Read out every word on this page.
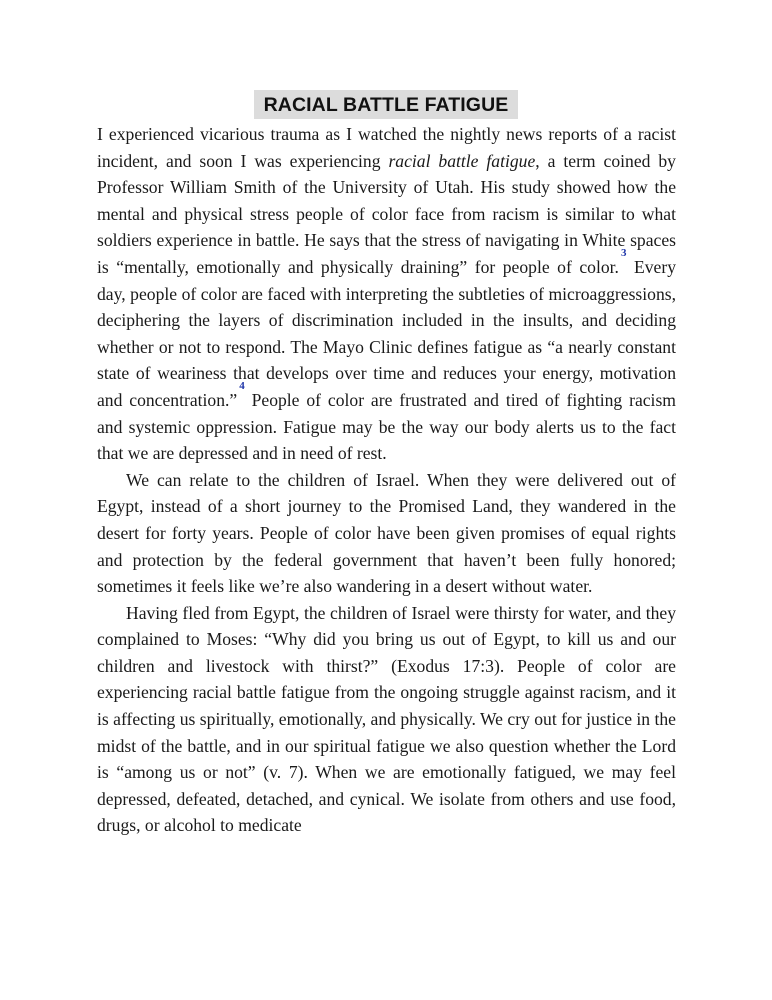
RACIAL BATTLE FATIGUE

I experienced vicarious trauma as I watched the nightly news reports of a racist incident, and soon I was experiencing racial battle fatigue, a term coined by Professor William Smith of the University of Utah. His study showed how the mental and physical stress people of color face from racism is similar to what soldiers experience in battle. He says that the stress of navigating in White spaces is “mentally, emotionally and physically draining” for people of color.$^3$ Every day, people of color are faced with interpreting the subtleties of microaggressions, deciphering the layers of discrimination included in the insults, and deciding whether or not to respond. The Mayo Clinic defines fatigue as “a nearly constant state of weariness that develops over time and reduces your energy, motivation and concentration.”$^4$ People of color are frustrated and tired of fighting racism and systemic oppression. Fatigue may be the way our body alerts us to the fact that we are depressed and in need of rest.

We can relate to the children of Israel. When they were delivered out of Egypt, instead of a short journey to the Promised Land, they wandered in the desert for forty years. People of color have been given promises of equal rights and protection by the federal government that haven’t been fully honored; sometimes it feels like we’re also wandering in a desert without water.

Having fled from Egypt, the children of Israel were thirsty for water, and they complained to Moses: “Why did you bring us out of Egypt, to kill us and our children and livestock with thirst?” (Exodus 17:3). People of color are experiencing racial battle fatigue from the ongoing struggle against racism, and it is affecting us spiritually, emotionally, and physically. We cry out for justice in the midst of the battle, and in our spiritual fatigue we also question whether the Lord is “among us or not” (v. 7). When we are emotionally fatigued, we may feel depressed, defeated, detached, and cynical. We isolate from others and use food, drugs, or alcohol to medicate
